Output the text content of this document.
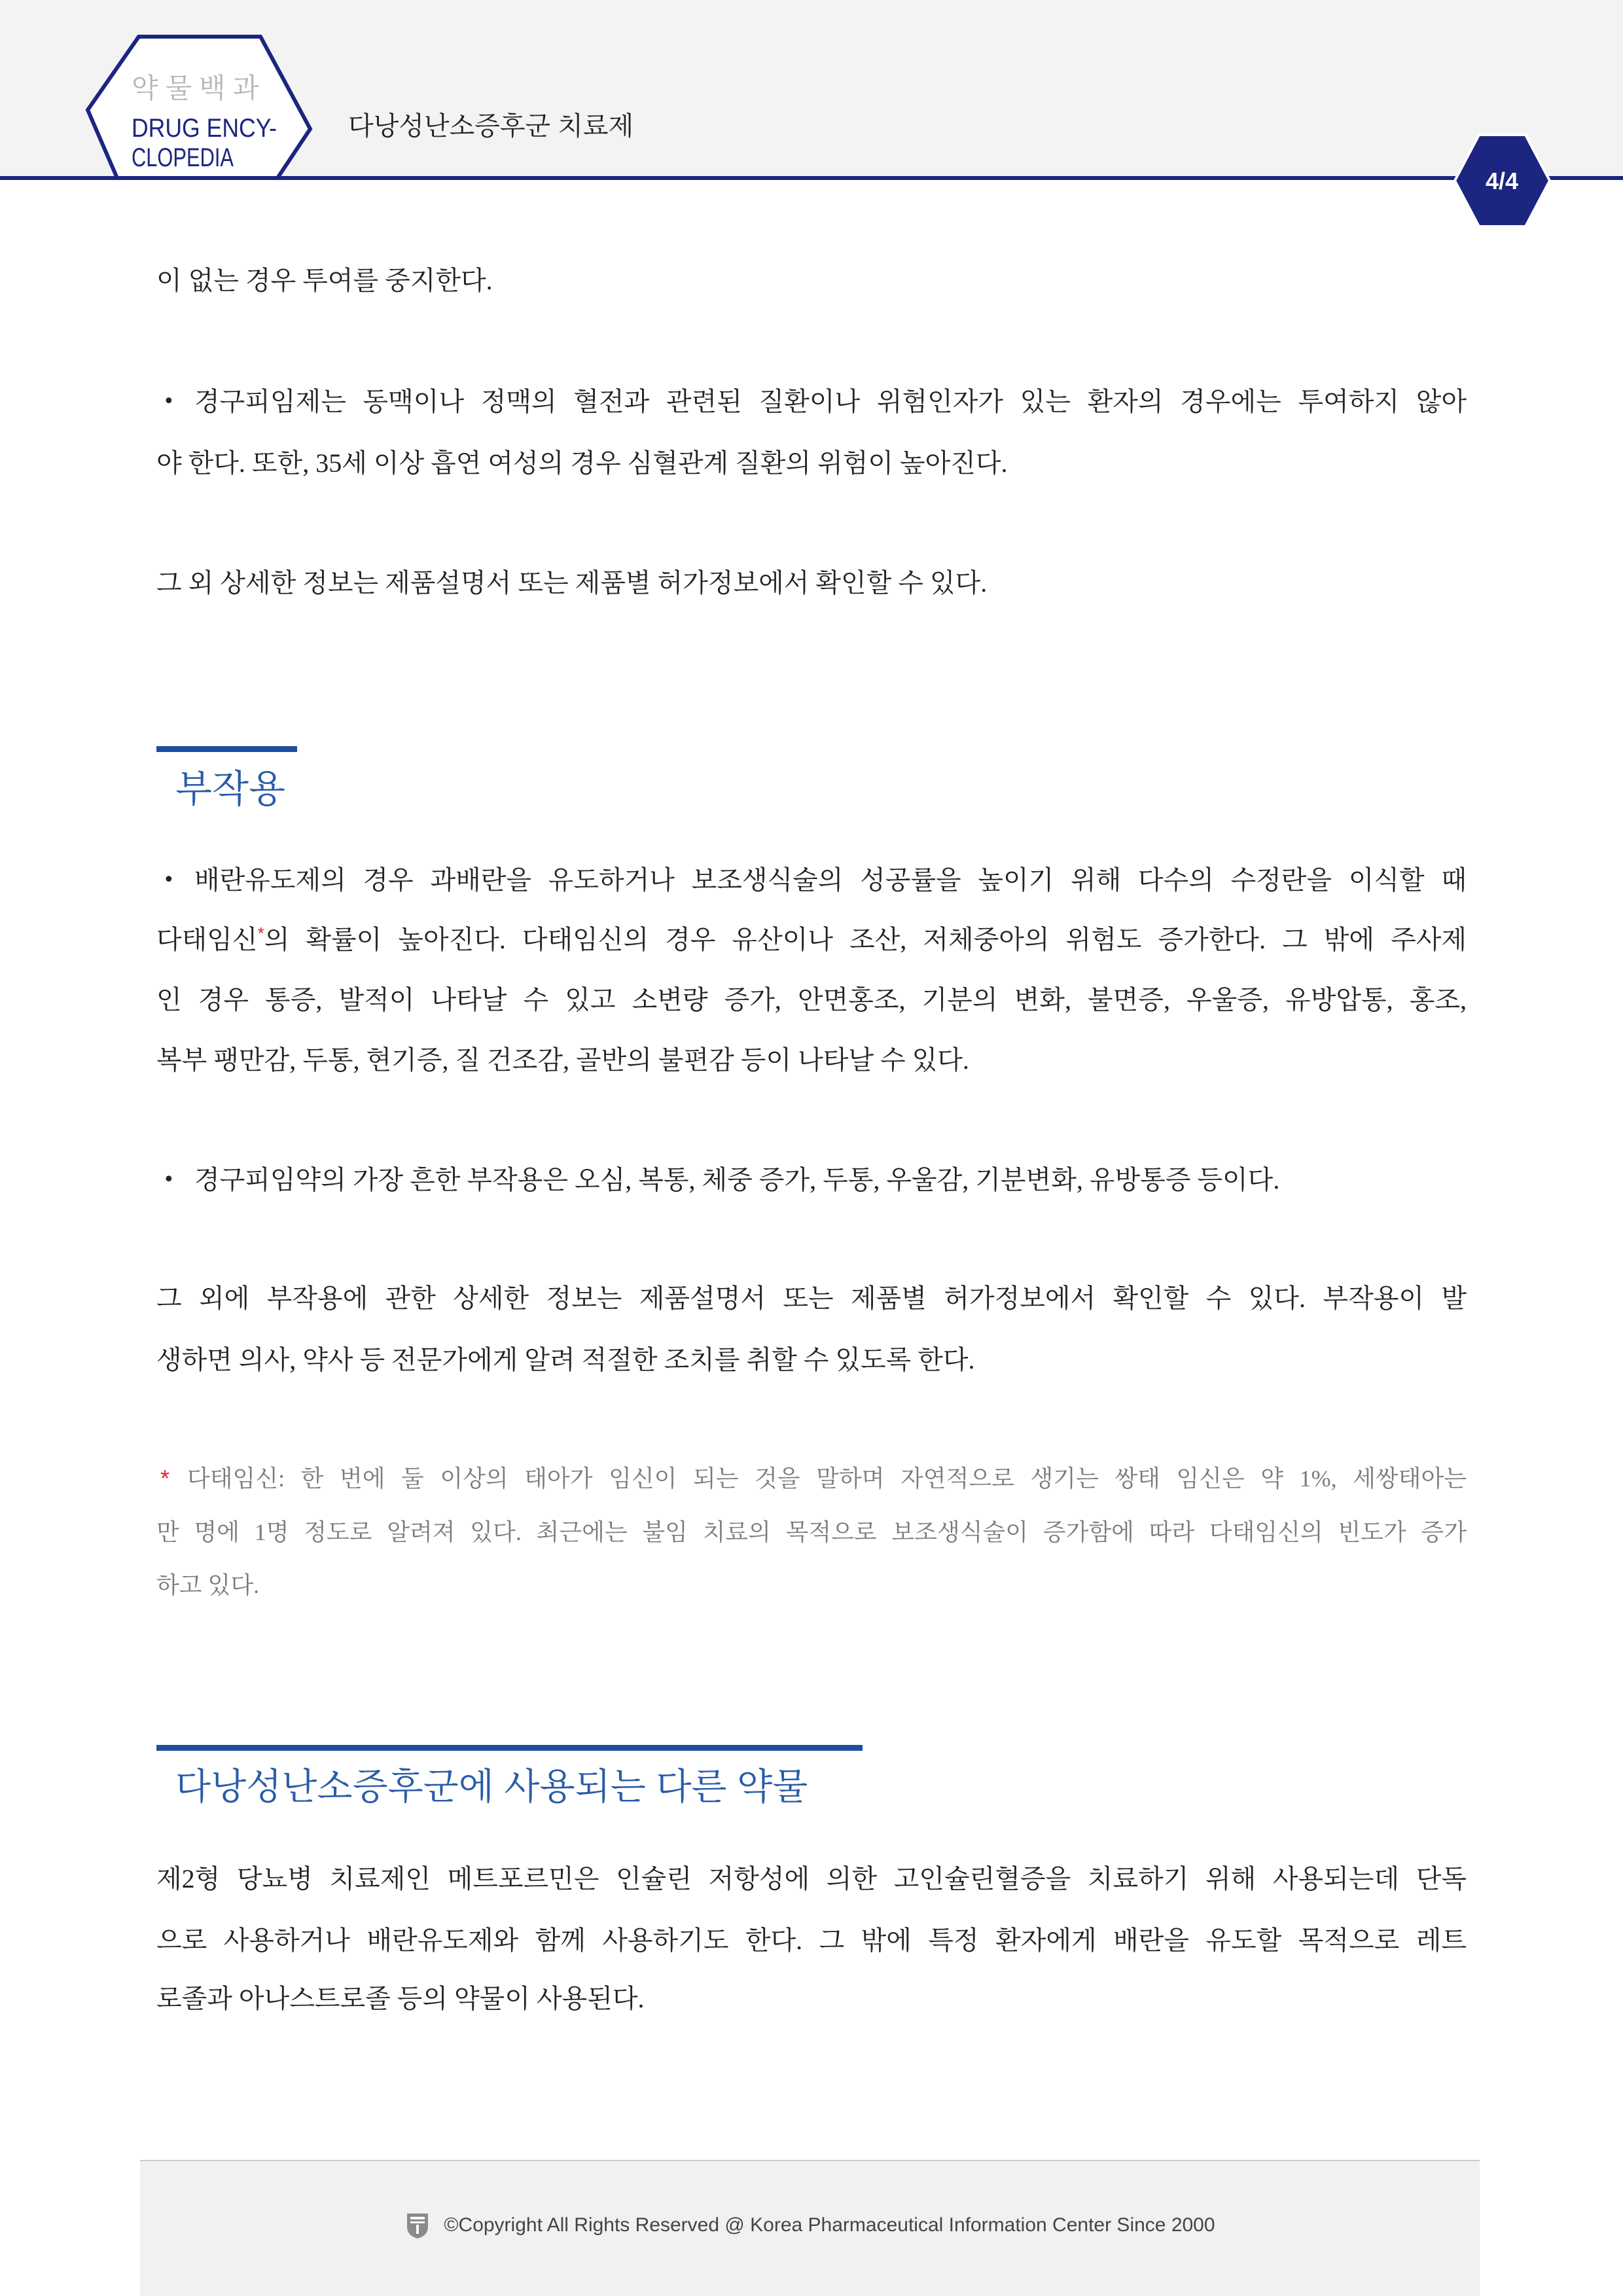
약물백과
DRUG ENCY-
CLOPEDIA
다낭성난소증후군 치료제
4/4
이 없는 경우 투여를 중지한다.
• 경구피임제는 동맥이나 정맥의 혈전과 관련된 질환이나 위험인자가 있는 환자의 경우에는 투여하지 않아
야 한다. 또한, 35세 이상 흡연 여성의 경우 심혈관계 질환의 위험이 높아진다.
그 외 상세한 정보는 제품설명서 또는 제품별 허가정보에서 확인할 수 있다.
부작용
• 배란유도제의 경우 과배란을 유도하거나 보조생식술의 성공률을 높이기 위해 다수의 수정란을 이식할 때
다태임신*의 확률이 높아진다. 다태임신의 경우 유산이나 조산, 저체중아의 위험도 증가한다. 그 밖에 주사제
인 경우 통증, 발적이 나타날 수 있고 소변량 증가, 안면홍조, 기분의 변화, 불면증, 우울증, 유방압통, 홍조,
복부 팽만감, 두통, 현기증, 질 건조감, 골반의 불편감 등이 나타날 수 있다.
• 경구피임약의 가장 흔한 부작용은 오심, 복통, 체중 증가, 두통, 우울감, 기분변화, 유방통증 등이다.
그 외에 부작용에 관한 상세한 정보는 제품설명서 또는 제품별 허가정보에서 확인할 수 있다. 부작용이 발
생하면 의사, 약사 등 전문가에게 알려 적절한 조치를 취할 수 있도록 한다.
* 다태임신: 한 번에 둘 이상의 태아가 임신이 되는 것을 말하며 자연적으로 생기는 쌍태 임신은 약 1%, 세쌍태아는
만 명에 1명 정도로 알려져 있다. 최근에는 불임 치료의 목적으로 보조생식술이 증가함에 따라 다태임신의 빈도가 증가
하고 있다.
다낭성난소증후군에 사용되는 다른 약물
제2형 당뇨병 치료제인 메트포르민은 인슐린 저항성에 의한 고인슐린혈증을 치료하기 위해 사용되는데 단독
으로 사용하거나 배란유도제와 함께 사용하기도 한다. 그 밖에 특정 환자에게 배란을 유도할 목적으로 레트
로졸과 아나스트로졸 등의 약물이 사용된다.
©Copyright All Rights Reserved @ Korea Pharmaceutical Information Center Since 2000
